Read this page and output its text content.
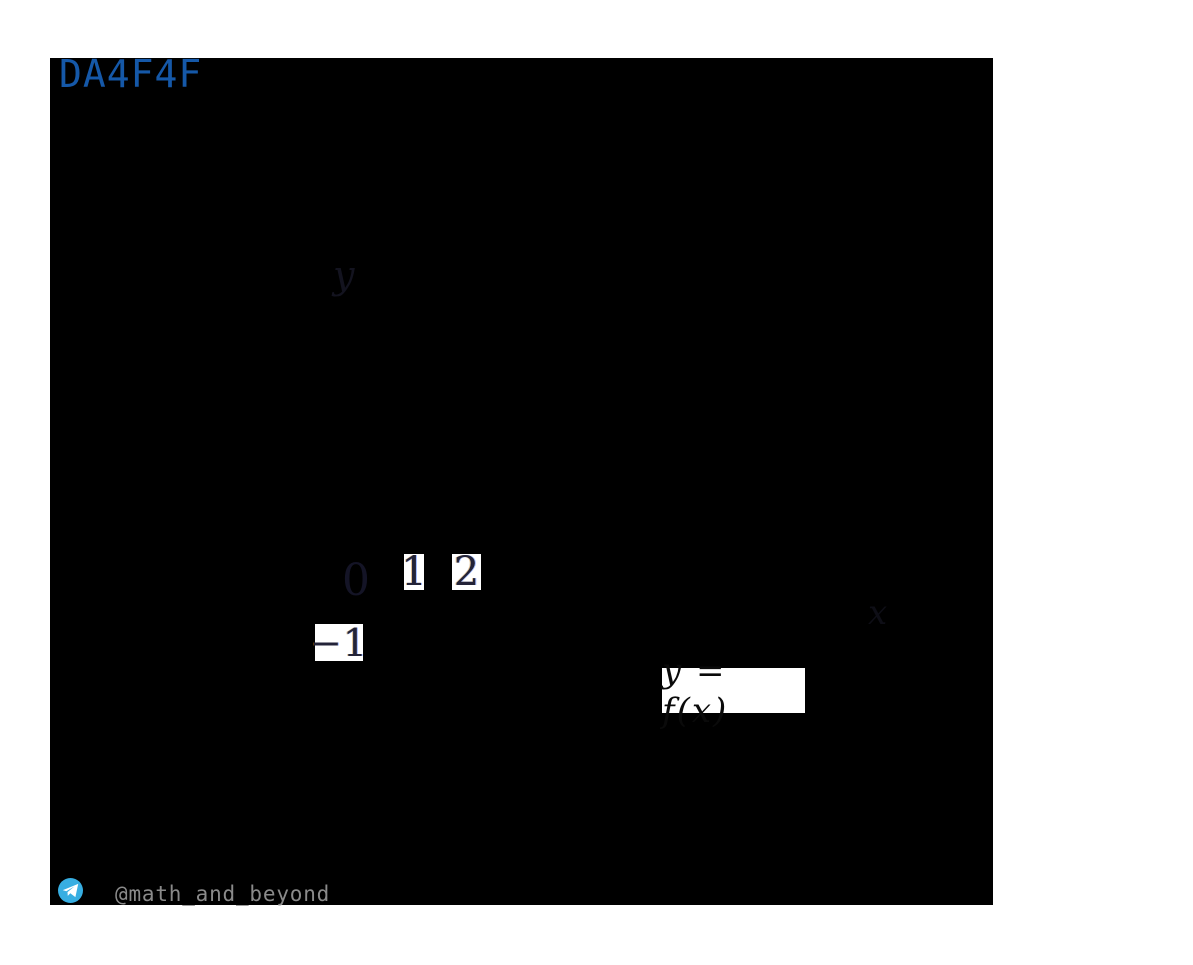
DA4F4F
y
0 1 2
x
−1
y = f(x)
@math_and_beyond
